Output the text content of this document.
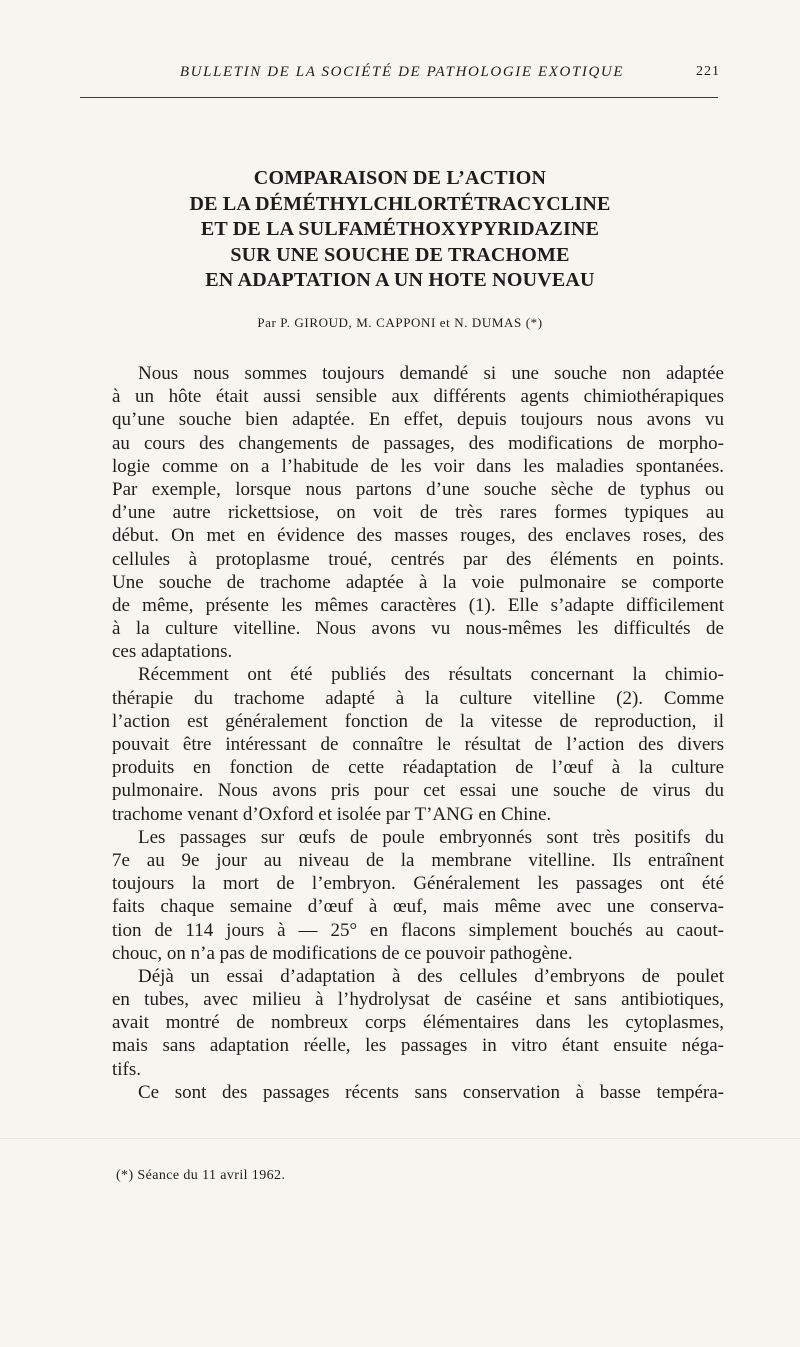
BULLETIN DE LA SOCIÉTÉ DE PATHOLOGIE EXOTIQUE	221
COMPARAISON DE L’ACTION
DE LA DÉMÉTHYLCHLORTÉTRACYCLINE
ET DE LA SULFAMÉTHOXYPYRIDAZINE
SUR UNE SOUCHE DE TRACHOME
EN ADAPTATION A UN HOTE NOUVEAU
Par P. GIROUD, M. CAPPONI et N. DUMAS (*)

Nous nous sommes toujours demandé si une souche non adaptée
à un hôte était aussi sensible aux différents agents chimiothérapiques
qu’une souche bien adaptée. En effet, depuis toujours nous avons vu
au cours des changements de passages, des modifications de morpho-
logie comme on a l’habitude de les voir dans les maladies spontanées.
Par exemple, lorsque nous partons d’une souche sèche de typhus ou
d’une autre rickettsiose, on voit de très rares formes typiques au
début. On met en évidence des masses rouges, des enclaves roses, des
cellules à protoplasme troué, centrés par des éléments en points.
Une souche de trachome adaptée à la voie pulmonaire se comporte
de même, présente les mêmes caractères (1). Elle s’adapte difficilement
à la culture vitelline. Nous avons vu nous-mêmes les difficultés de
ces adaptations.

Récemment ont été publiés des résultats concernant la chimio-
thérapie du trachome adapté à la culture vitelline (2). Comme
l’action est généralement fonction de la vitesse de reproduction, il
pouvait être intéressant de connaître le résultat de l’action des divers
produits en fonction de cette réadaptation de l’œuf à la culture
pulmonaire. Nous avons pris pour cet essai une souche de virus du
trachome venant d’Oxford et isolée par T’ANG en Chine.

Les passages sur œufs de poule embryonnés sont très positifs du
7e au 9e jour au niveau de la membrane vitelline. Ils entraînent
toujours la mort de l’embryon. Généralement les passages ont été
faits chaque semaine d’œuf à œuf, mais même avec une conserva-
tion de 114 jours à — 25° en flacons simplement bouchés au caout-
chouc, on n’a pas de modifications de ce pouvoir pathogène.

Déjà un essai d’adaptation à des cellules d’embryons de poulet
en tubes, avec milieu à l’hydrolysat de caséine et sans antibiotiques,
avait montré de nombreux corps élémentaires dans les cytoplasmes,
mais sans adaptation réelle, les passages in vitro étant ensuite néga-
tifs.

Ce sont des passages récents sans conservation à basse tempéra-

(*) Séance du 11 avril 1962.
